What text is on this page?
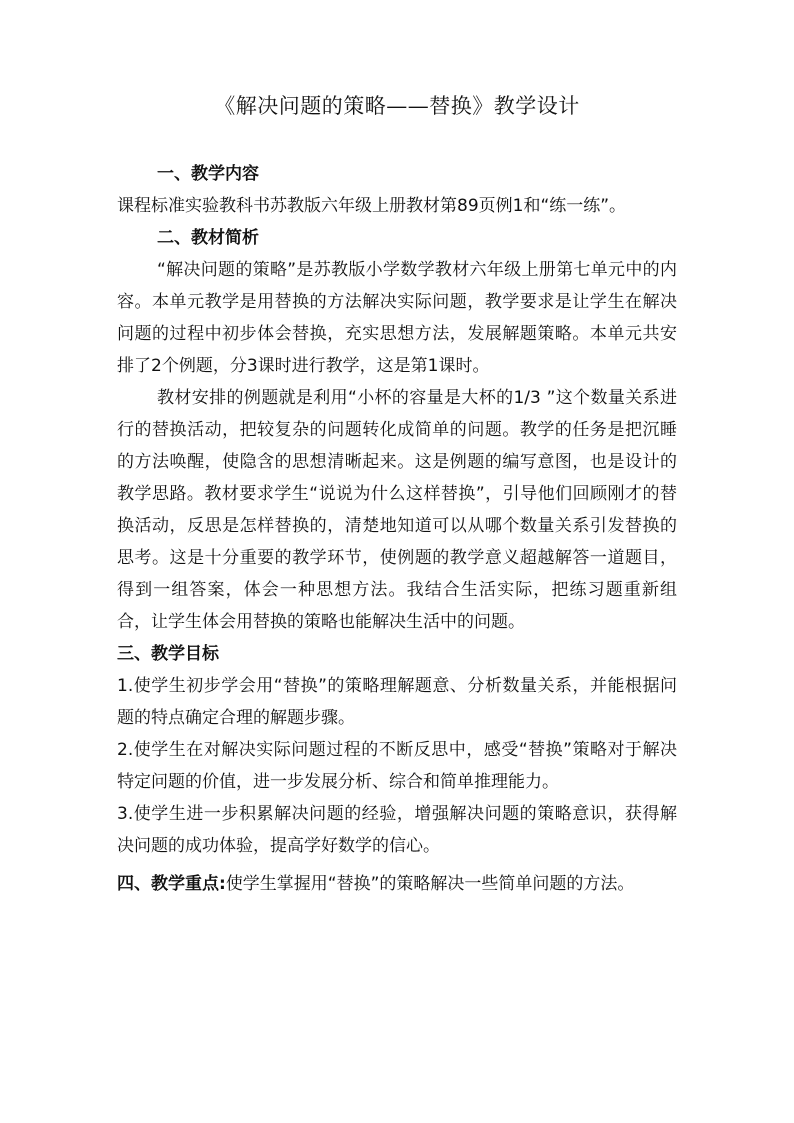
《解决问题的策略——替换》教学设计
一、教学内容

课程标准实验教科书苏教版六年级上册教材第89页例1和“练一练”。

二、教材简析

“解决问题的策略”是苏教版小学数学教材六年级上册第七单元中的内容。本单元教学是用替换的方法解决实际问题，教学要求是让学生在解决问题的过程中初步体会替换，充实思想方法，发展解题策略。本单元共安排了2个例题，分3课时进行教学，这是第1课时。

教材安排的例题就是利用“小杯的容量是大杯的1/3 ”这个数量关系进行的替换活动，把较复杂的问题转化成简单的问题。教学的任务是把沉睡的方法唤醒，使隐含的思想清晰起来。这是例题的编写意图，也是设计的教学思路。教材要求学生“说说为什么这样替换”，引导他们回顾刚才的替换活动，反思是怎样替换的，清楚地知道可以从哪个数量关系引发替换的思考。这是十分重要的教学环节，使例题的教学意义超越解答一道题目，得到一组答案，体会一种思想方法。我结合生活实际，把练习题重新组合，让学生体会用替换的策略也能解决生活中的问题。

三、教学目标

1.使学生初步学会用“替换”的策略理解题意、分析数量关系，并能根据问题的特点确定合理的解题步骤。

2.使学生在对解决实际问题过程的不断反思中，感受“替换”策略对于解决特定问题的价值，进一步发展分析、综合和简单推理能力。

3.使学生进一步积累解决问题的经验，增强解决问题的策略意识，获得解决问题的成功体验，提高学好数学的信心。

四、教学重点:使学生掌握用“替换”的策略解决一些简单问题的方法。
